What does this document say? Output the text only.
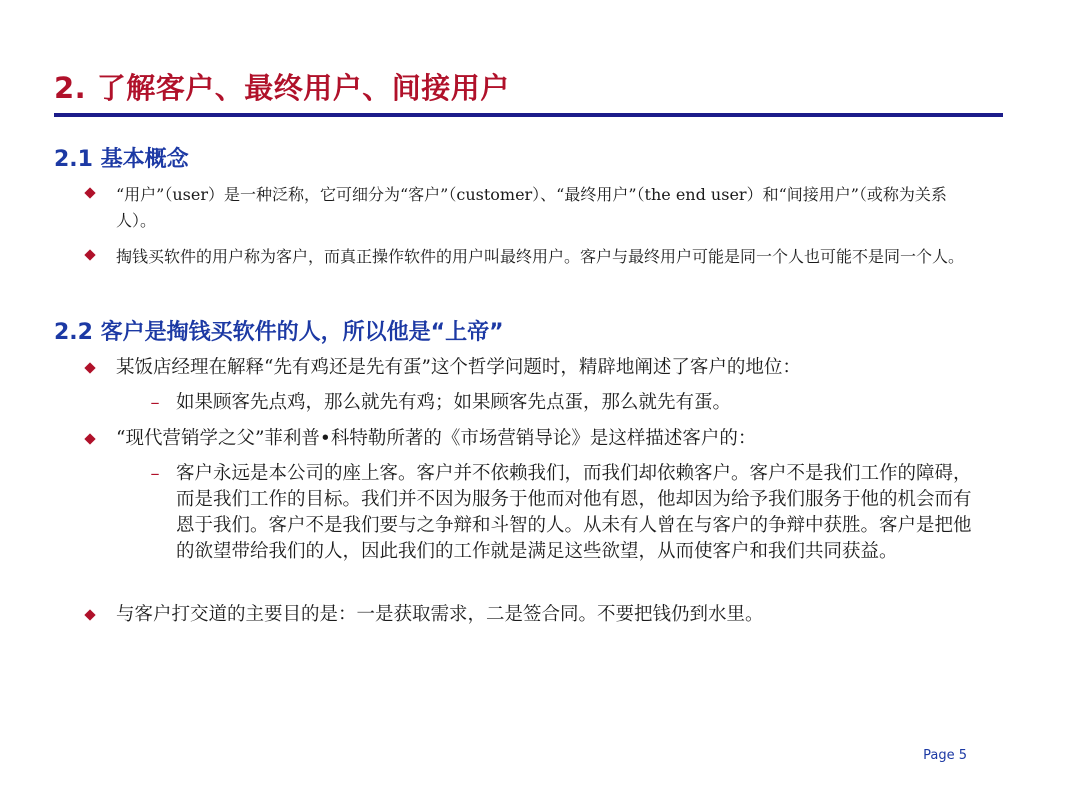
2. 了解客户、最终用户、间接用户
2.1 基本概念

“用户”（user）是一种泛称，它可细分为“客户”（customer）、“最终用户”（the end user）和“间接用户”（或称为关系人）。

掏钱买软件的用户称为客户，而真正操作软件的用户叫最终用户。客户与最终用户可能是同一个人也可能不是同一个人。

2.2 客户是掏钱买软件的人，所以他是“上帝”

某饭店经理在解释“先有鸡还是先有蛋”这个哲学问题时，精辟地阐述了客户的地位：

– 如果顾客先点鸡，那么就先有鸡；如果顾客先点蛋，那么就先有蛋。

“现代营销学之父”菲利普•科特勒所著的《市场营销导论》是这样描述客户的：

– 客户永远是本公司的座上客。客户并不依赖我们，而我们却依赖客户。客户不是我们工作的障碍，而是我们工作的目标。我们并不因为服务于他而对他有恩，他却因为给予我们服务于他的机会而有恩于我们。客户不是我们要与之争辩和斗智的人。从未有人曾在与客户的争辩中获胜。客户是把他的欲望带给我们的人，因此我们的工作就是满足这些欲望，从而使客户和我们共同获益。

与客户打交道的主要目的是：一是获取需求，二是签合同。不要把钱仍到水里。

Page 5
